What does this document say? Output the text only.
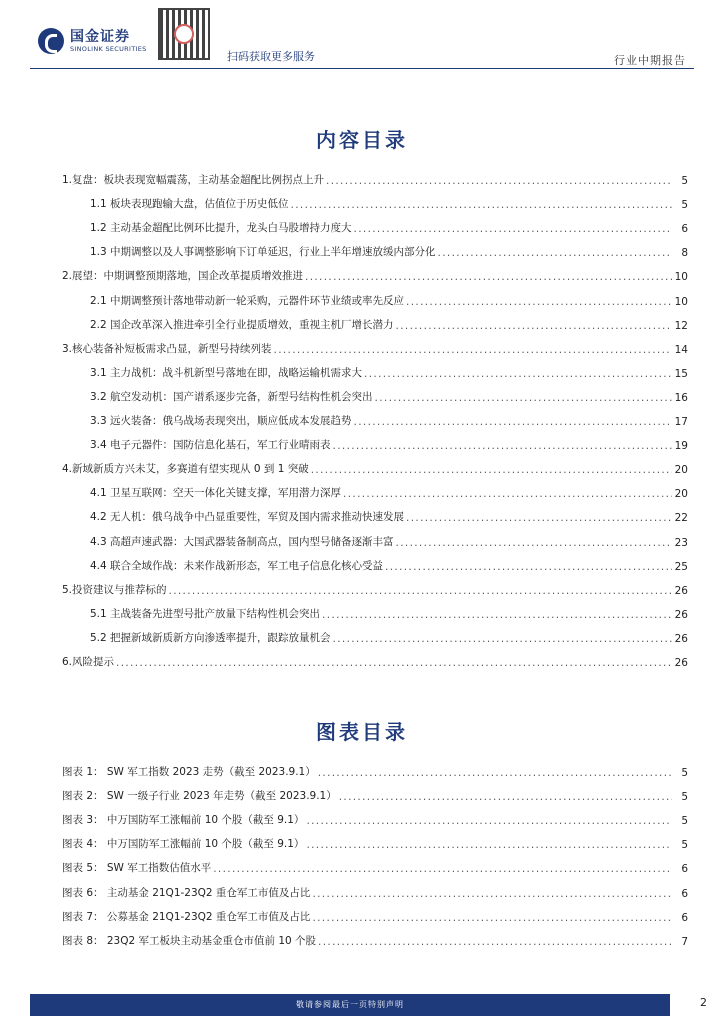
国金证券
SINOLINK SECURITIES
扫码获取更多服务	行业中期报告
内容目录
1.复盘：板块表现宽幅震荡，主动基金超配比例拐点上升 . . .	5
1.1 板块表现跑输大盘，估值位于历史低位 . . .	5
1.2 主动基金超配比例环比提升，龙头白马股增持力度大 . . .	6
1.3 中期调整以及人事调整影响下订单延迟，行业上半年增速放缓内部分化 . . .	8
2.展望：中期调整预期落地，国企改革提质增效推进 . . .	10
2.1 中期调整预计落地带动新一轮采购，元器件环节业绩或率先反应 . . .	10
2.2 国企改革深入推进牵引全行业提质增效，重视主机厂增长潜力 . . .	12
3.核心装备补短板需求凸显，新型号持续列装 . . .	14
3.1 主力战机：战斗机新型号落地在即，战略运输机需求大 . . .	15
3.2 航空发动机：国产谱系逐步完备，新型号结构性机会突出 . . .	16
3.3 远火装备：俄乌战场表现突出，顺应低成本发展趋势 . . .	17
3.4 电子元器件：国防信息化基石，军工行业晴雨表 . . .	19
4.新域新质方兴未艾，多赛道有望实现从 0 到 1 突破 . . .	20
4.1 卫星互联网：空天一体化关键支撑，军用潜力深厚 . . .	20
4.2 无人机：俄乌战争中凸显重要性，军贸及国内需求推动快速发展 . . .	22
4.3 高超声速武器：大国武器装备制高点，国内型号储备逐渐丰富 . . .	23
4.4 联合全域作战：未来作战新形态，军工电子信息化核心受益 . . .	25
5.投资建议与推荐标的 . . .	26
5.1 主战装备先进型号批产放量下结构性机会突出 . . .	26
5.2 把握新域新质新方向渗透率提升，跟踪放量机会 . . .	26
6.风险提示 . . .	26
图表目录
图表 1： SW 军工指数 2023 走势（截至 2023.9.1） . . .	5
图表 2： SW 一级子行业 2023 年走势（截至 2023.9.1） . . .	5
图表 3： 中万国防军工涨幅前 10 个股（截至 9.1） . . .	5
图表 4： 中万国防军工涨幅前 10 个股（截至 9.1） . . .	5
图表 5： SW 军工指数估值水平 . . .	6
图表 6： 主动基金 21Q1-23Q2 重仓军工市值及占比 . . .	6
图表 7： 公募基金 21Q1-23Q2 重仓军工市值及占比 . . .	6
图表 8： 23Q2 军工板块主动基金重仓市值前 10 个股 . . .	7
敬请参阅最后一页特别声明	2
